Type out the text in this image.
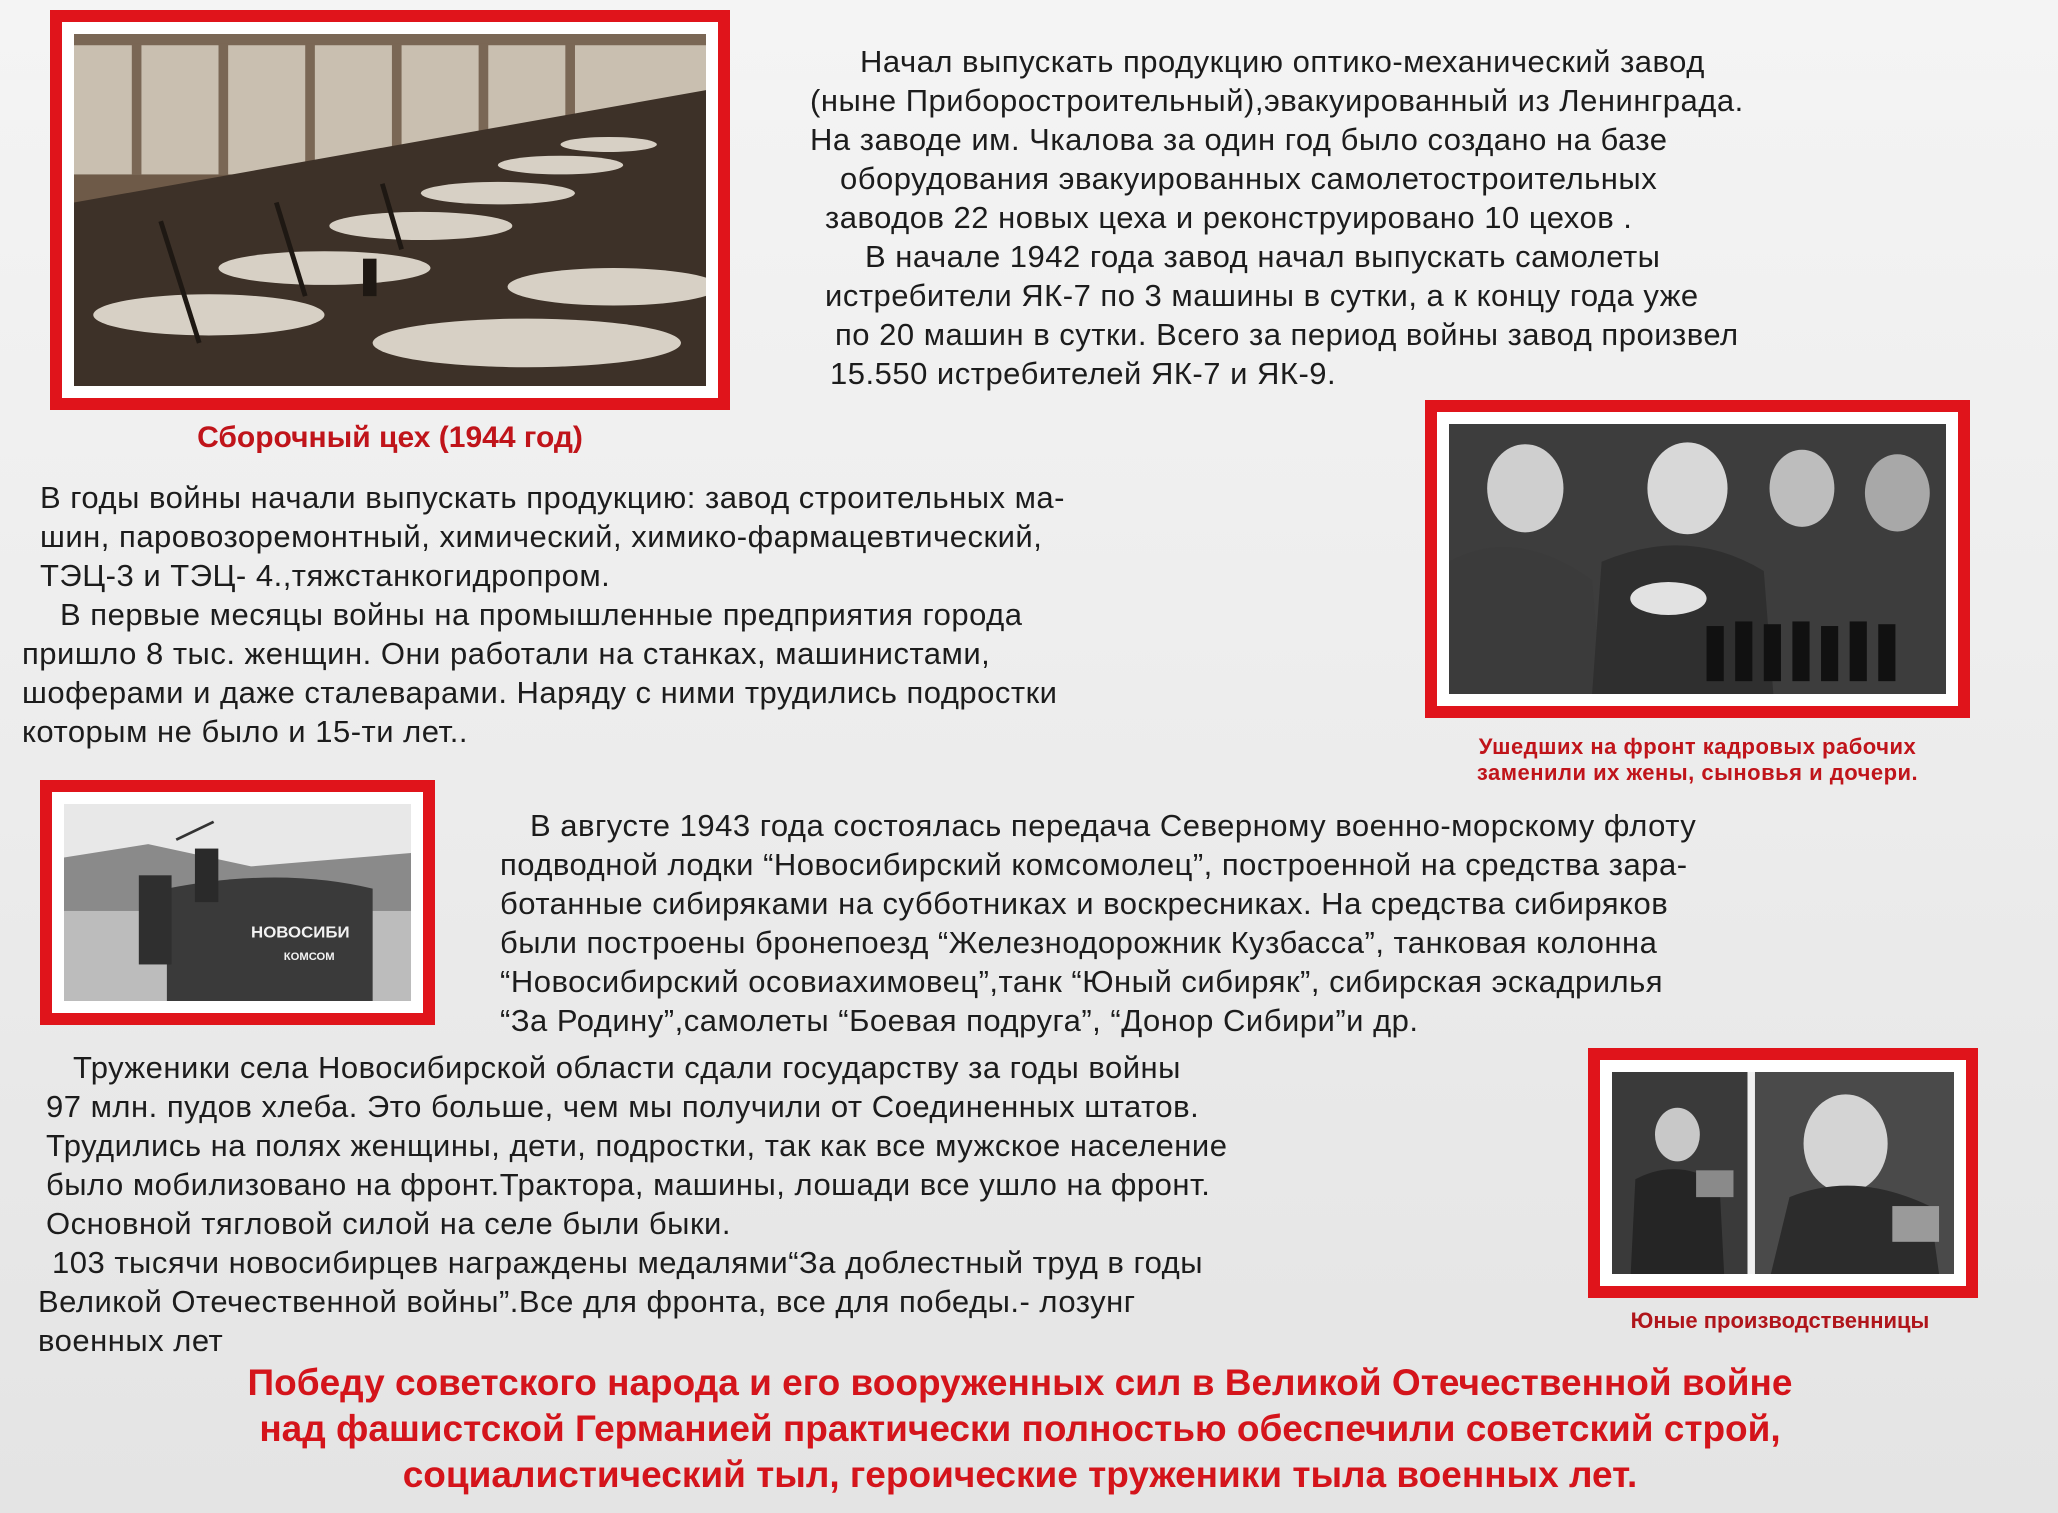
Сборочный цех (1944 год)

Начал выпускать продукцию оптико-механический завод

(ныне Приборостроительный),эвакуированный из Ленинграда.

На заводе им. Чкалова за один год было создано на базе

оборудования эвакуированных самолетостроительных

заводов 22 новых цеха и реконструировано 10 цехов .

В начале 1942 года завод начал выпускать самолеты

истребители ЯК-7 по 3 машины в сутки, а к концу года уже

по 20 машин в сутки. Всего за период войны завод произвел

15.550 истребителей ЯК-7 и ЯК-9.

Ушедших на фронт кадровых рабочих
заменили их жены, сыновья и дочери.

В годы войны начали выпускать продукцию: завод строительных ма-

шин, паровозоремонтный, химический, химико-фармацевтический,

ТЭЦ-3 и ТЭЦ- 4.,тяжстанкогидропром.

В первые месяцы войны на промышленные предприятия города

пришло 8 тыс. женщин. Они работали на станках, машинистами,

шоферами и даже сталеварами. Наряду с ними трудились подростки

которым не было и 15-ти лет..

НОВОСИБИ
КОМСОМ

В августе 1943 года состоялась передача Северному военно-морскому флоту

подводной лодки “Новосибирский комсомолец”, построенной на средства зара-

ботанные сибиряками на субботниках и воскресниках. На средства сибиряков

были построены бронепоезд “Железнодорожник Кузбасса”, танковая колонна

“Новосибирский осовиахимовец”,танк “Юный сибиряк”, сибирская эскадрилья

“За Родину”,самолеты “Боевая подруга”, “Донор Сибири”и др.

Труженики села Новосибирской области сдали государству за годы войны

97 млн. пудов хлеба. Это больше, чем мы получили от Соединенных штатов.

Трудились на полях женщины, дети, подростки, так как все мужское население

было мобилизовано на фронт.Трактора, машины, лошади все ушло на фронт.

Основной тягловой силой на селе были быки.

103 тысячи новосибирцев награждены медалями“За доблестный труд в годы

Великой Отечественной войны”.Все для фронта, все для победы.- лозунг

военных лет

Юные производственницы

Победу советского народа и его вооруженных сил в Великой Отечественной войне

над фашистской Германией практически полностью обеспечили советский строй,

социалистический тыл, героические труженики тыла военных лет.
